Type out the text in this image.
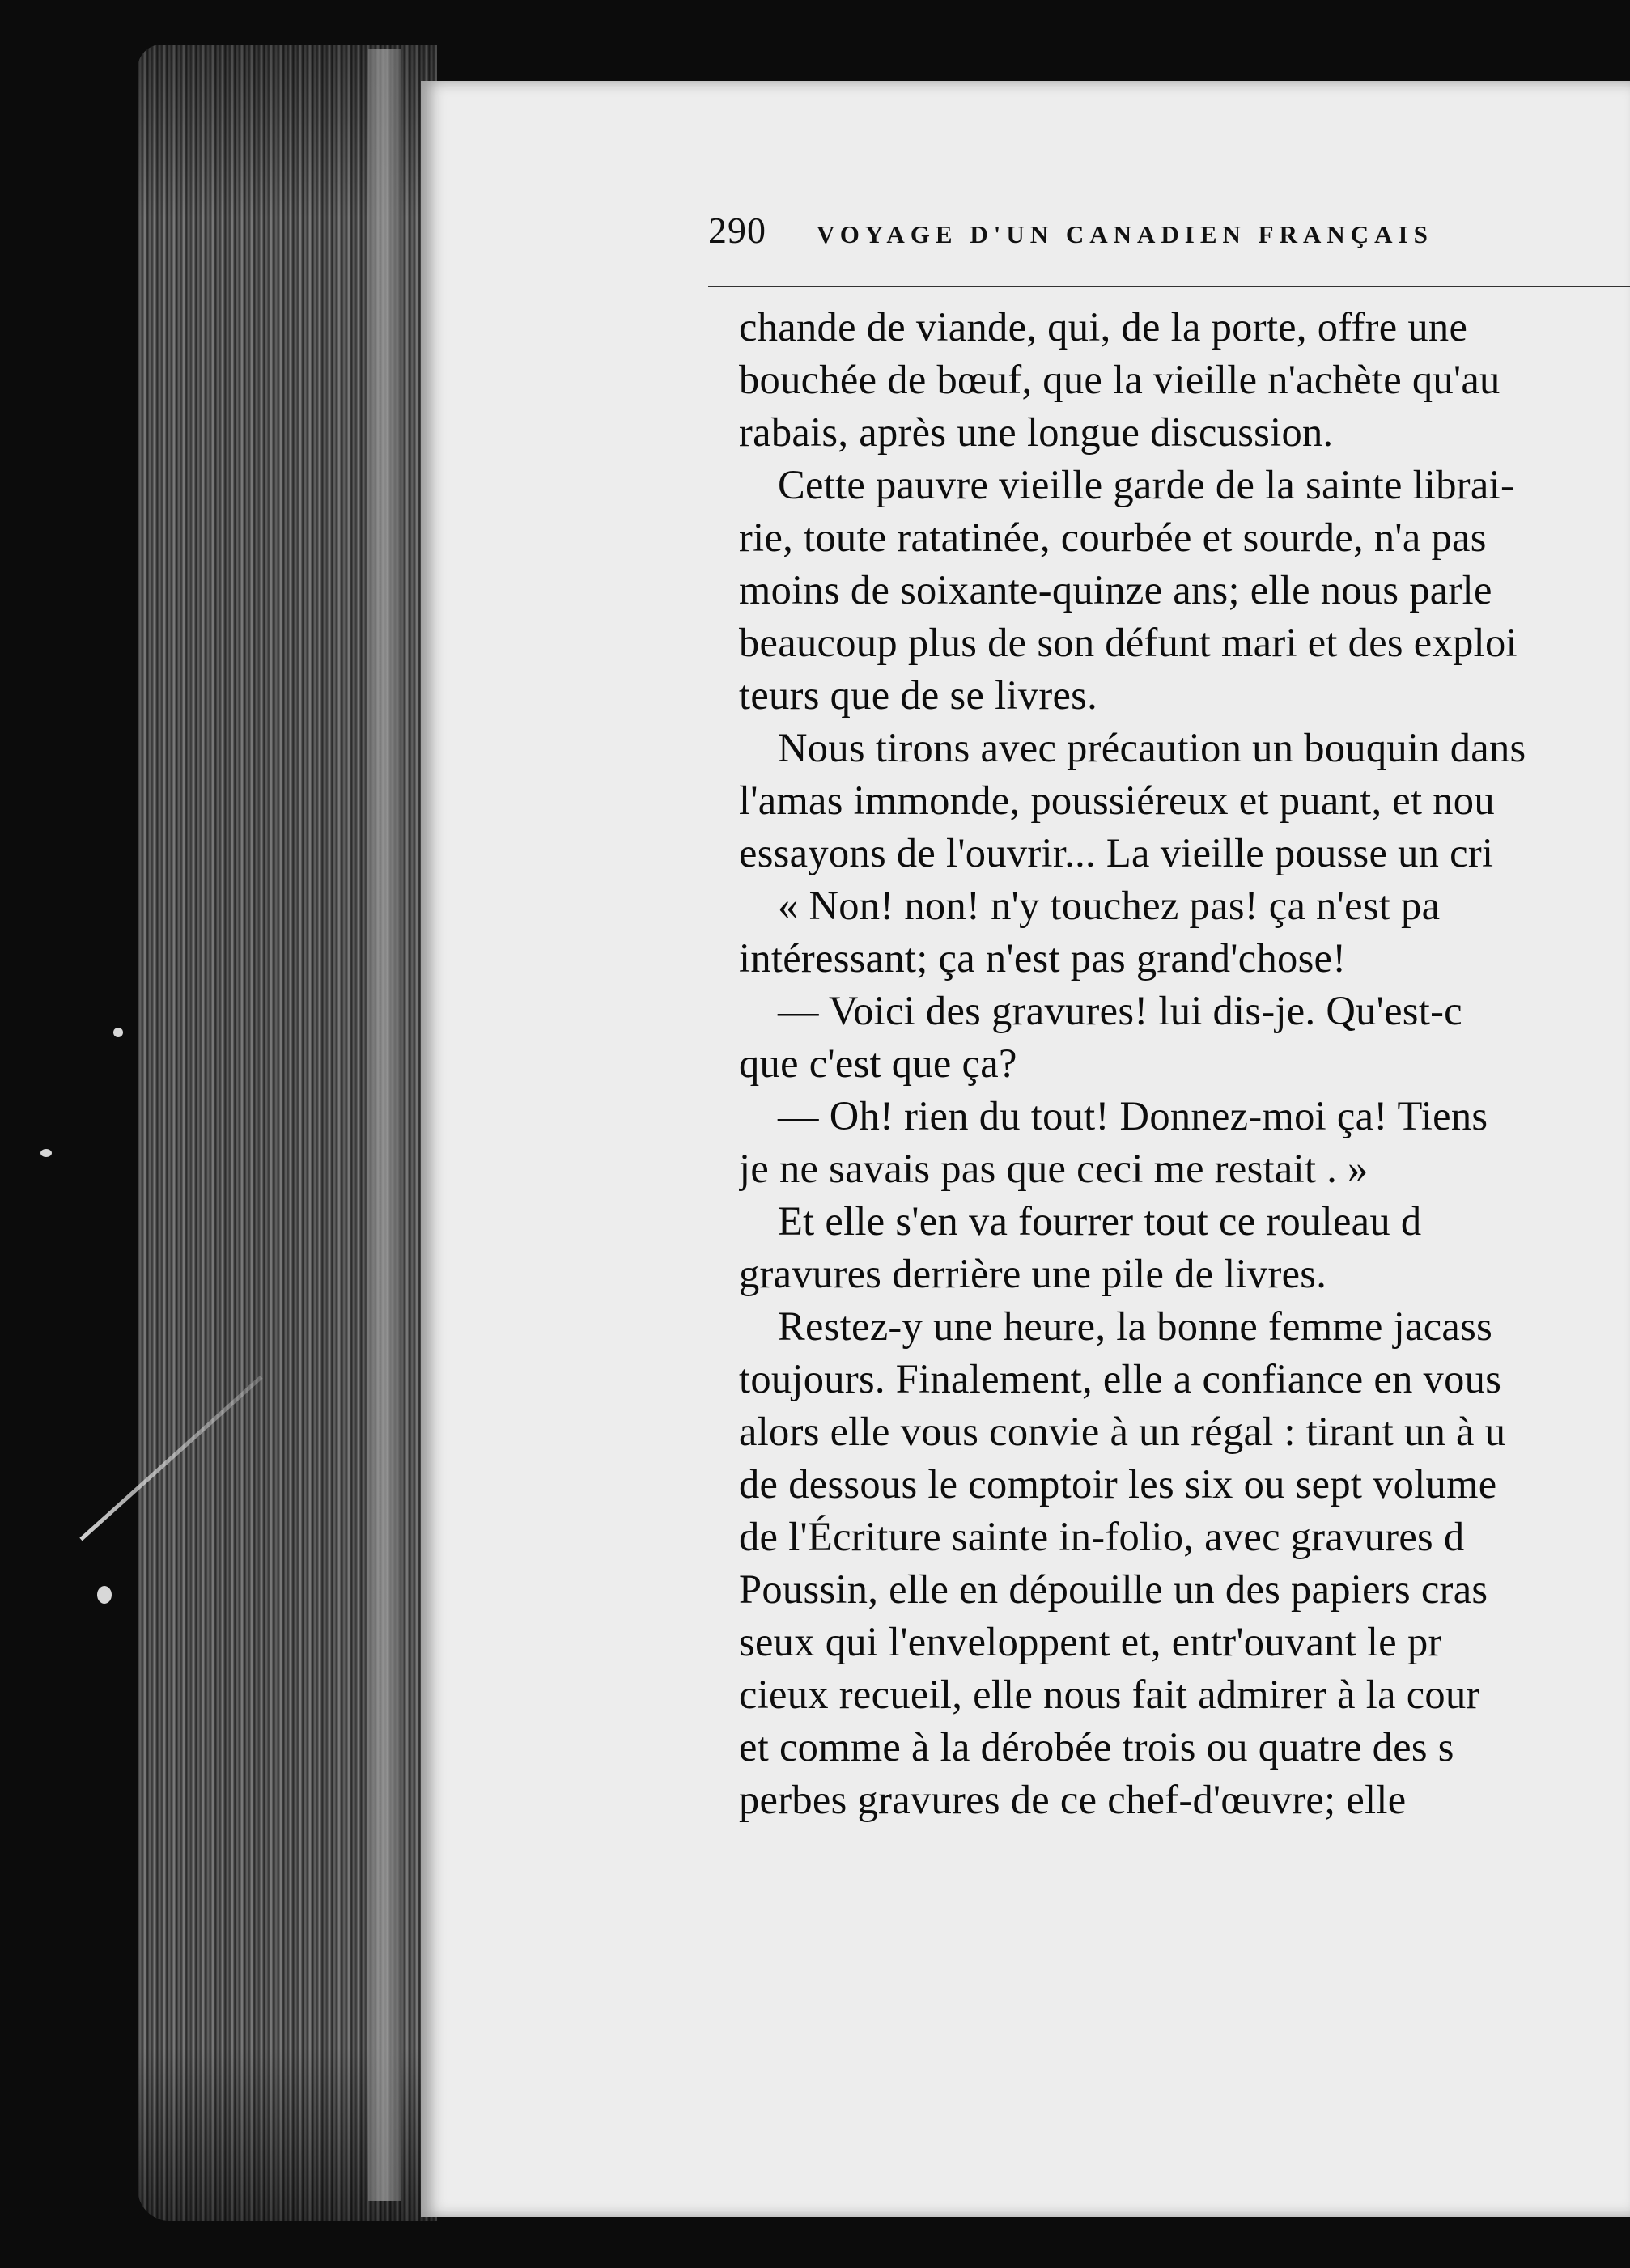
290 VOYAGE D'UN CANADIEN FRANÇAIS
chande de viande, qui, de la porte, offre une
bouchée de bœuf, que la vieille n'achète qu'au
rabais, après une longue discussion.
Cette pauvre vieille garde de la sainte librai-
rie, toute ratatinée, courbée et sourde, n'a pas
moins de soixante-quinze ans; elle nous parle
beaucoup plus de son défunt mari et des exploi
teurs que de se livres.
Nous tirons avec précaution un bouquin dans
l'amas immonde, poussiéreux et puant, et nou
essayons de l'ouvrir... La vieille pousse un cri
« Non! non! n'y touchez pas! ça n'est pa
intéressant; ça n'est pas grand'chose!
— Voici des gravures! lui dis-je. Qu'est-c
que c'est que ça?
— Oh! rien du tout! Donnez-moi ça! Tiens
je ne savais pas que ceci me restait . »
Et elle s'en va fourrer tout ce rouleau d
gravures derrière une pile de livres.
Restez-y une heure, la bonne femme jacass
toujours. Finalement, elle a confiance en vous
alors elle vous convie à un régal : tirant un à u
de dessous le comptoir les six ou sept volume
de l'Écriture sainte in-folio, avec gravures d
Poussin, elle en dépouille un des papiers cras
seux qui l'enveloppent et, entr'ouvant le pr
cieux recueil, elle nous fait admirer à la cour
et comme à la dérobée trois ou quatre des s
perbes gravures de ce chef-d'œuvre; elle
